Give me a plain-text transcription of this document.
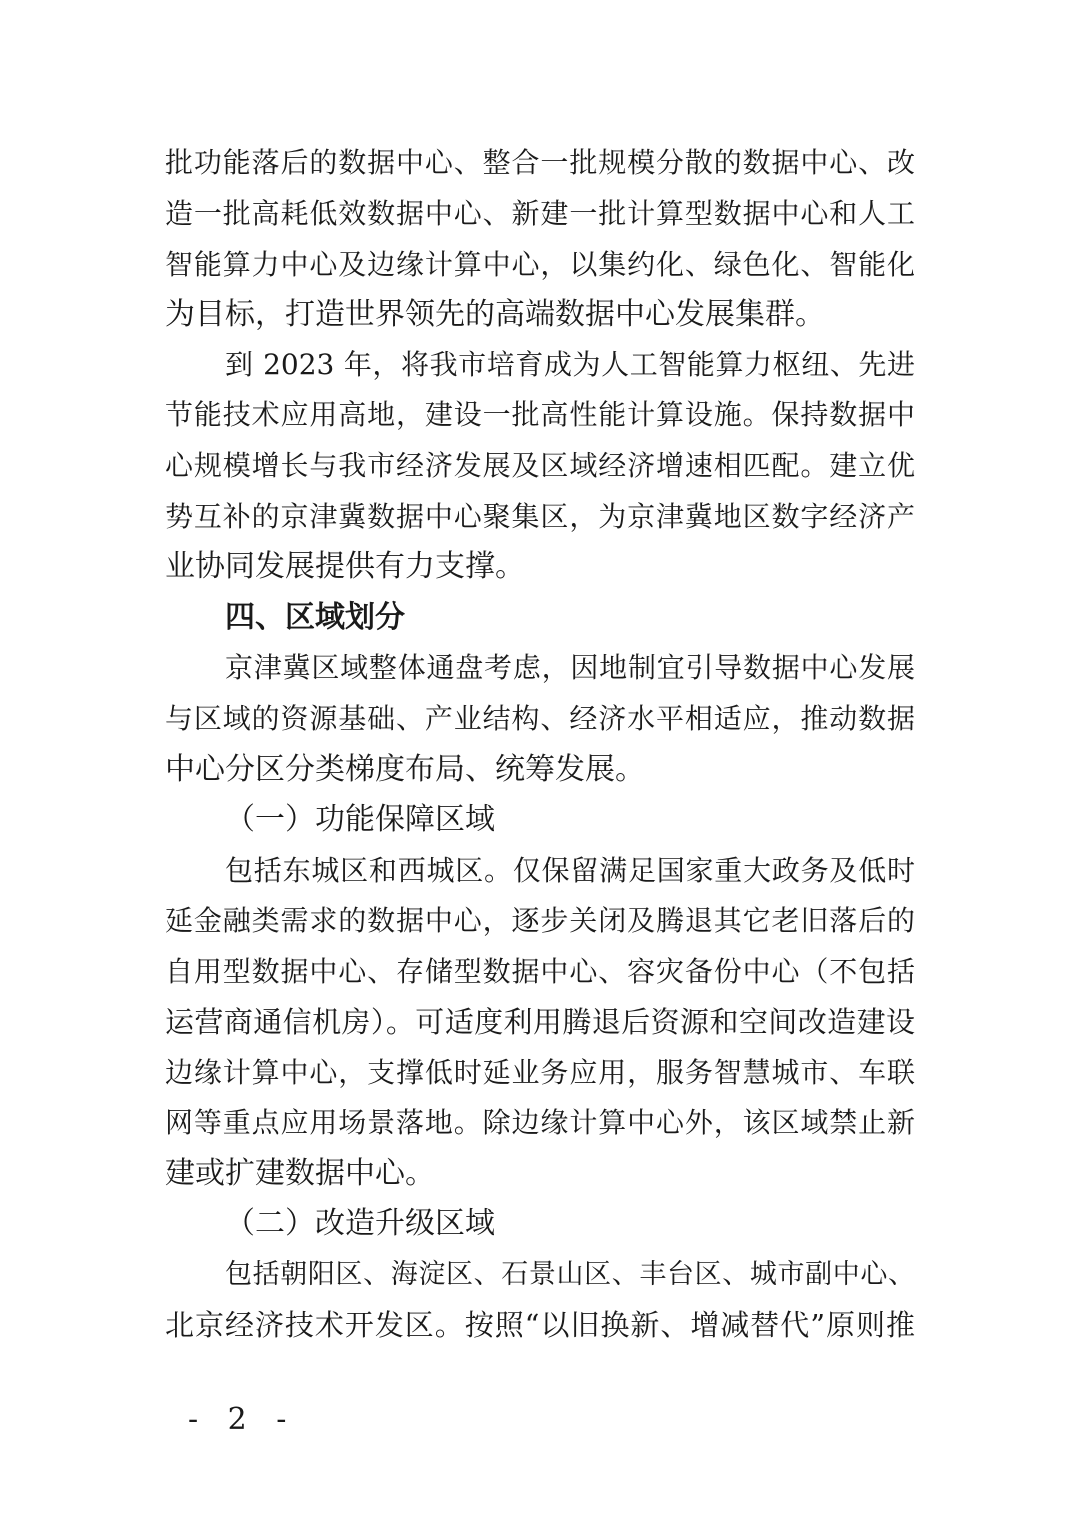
批功能落后的数据中心、整合一批规模分散的数据中心、改
造一批高耗低效数据中心、新建一批计算型数据中心和人工
智能算力中心及边缘计算中心，以集约化、绿色化、智能化
为目标，打造世界领先的高端数据中心发展集群。
到 2023 年，将我市培育成为人工智能算力枢纽、先进
节能技术应用高地，建设一批高性能计算设施。保持数据中
心规模增长与我市经济发展及区域经济增速相匹配。建立优
势互补的京津冀数据中心聚集区，为京津冀地区数字经济产
业协同发展提供有力支撑。
四、区域划分
京津冀区域整体通盘考虑，因地制宜引导数据中心发展
与区域的资源基础、产业结构、经济水平相适应，推动数据
中心分区分类梯度布局、统筹发展。
（一）功能保障区域
包括东城区和西城区。仅保留满足国家重大政务及低时
延金融类需求的数据中心，逐步关闭及腾退其它老旧落后的
自用型数据中心、存储型数据中心、容灾备份中心（不包括
运营商通信机房）。可适度利用腾退后资源和空间改造建设
边缘计算中心，支撑低时延业务应用，服务智慧城市、车联
网等重点应用场景落地。除边缘计算中心外，该区域禁止新
建或扩建数据中心。
（二）改造升级区域
包括朝阳区、海淀区、石景山区、丰台区、城市副中心、
北京经济技术开发区。按照“以旧换新、增减替代”原则推
- 2 -
